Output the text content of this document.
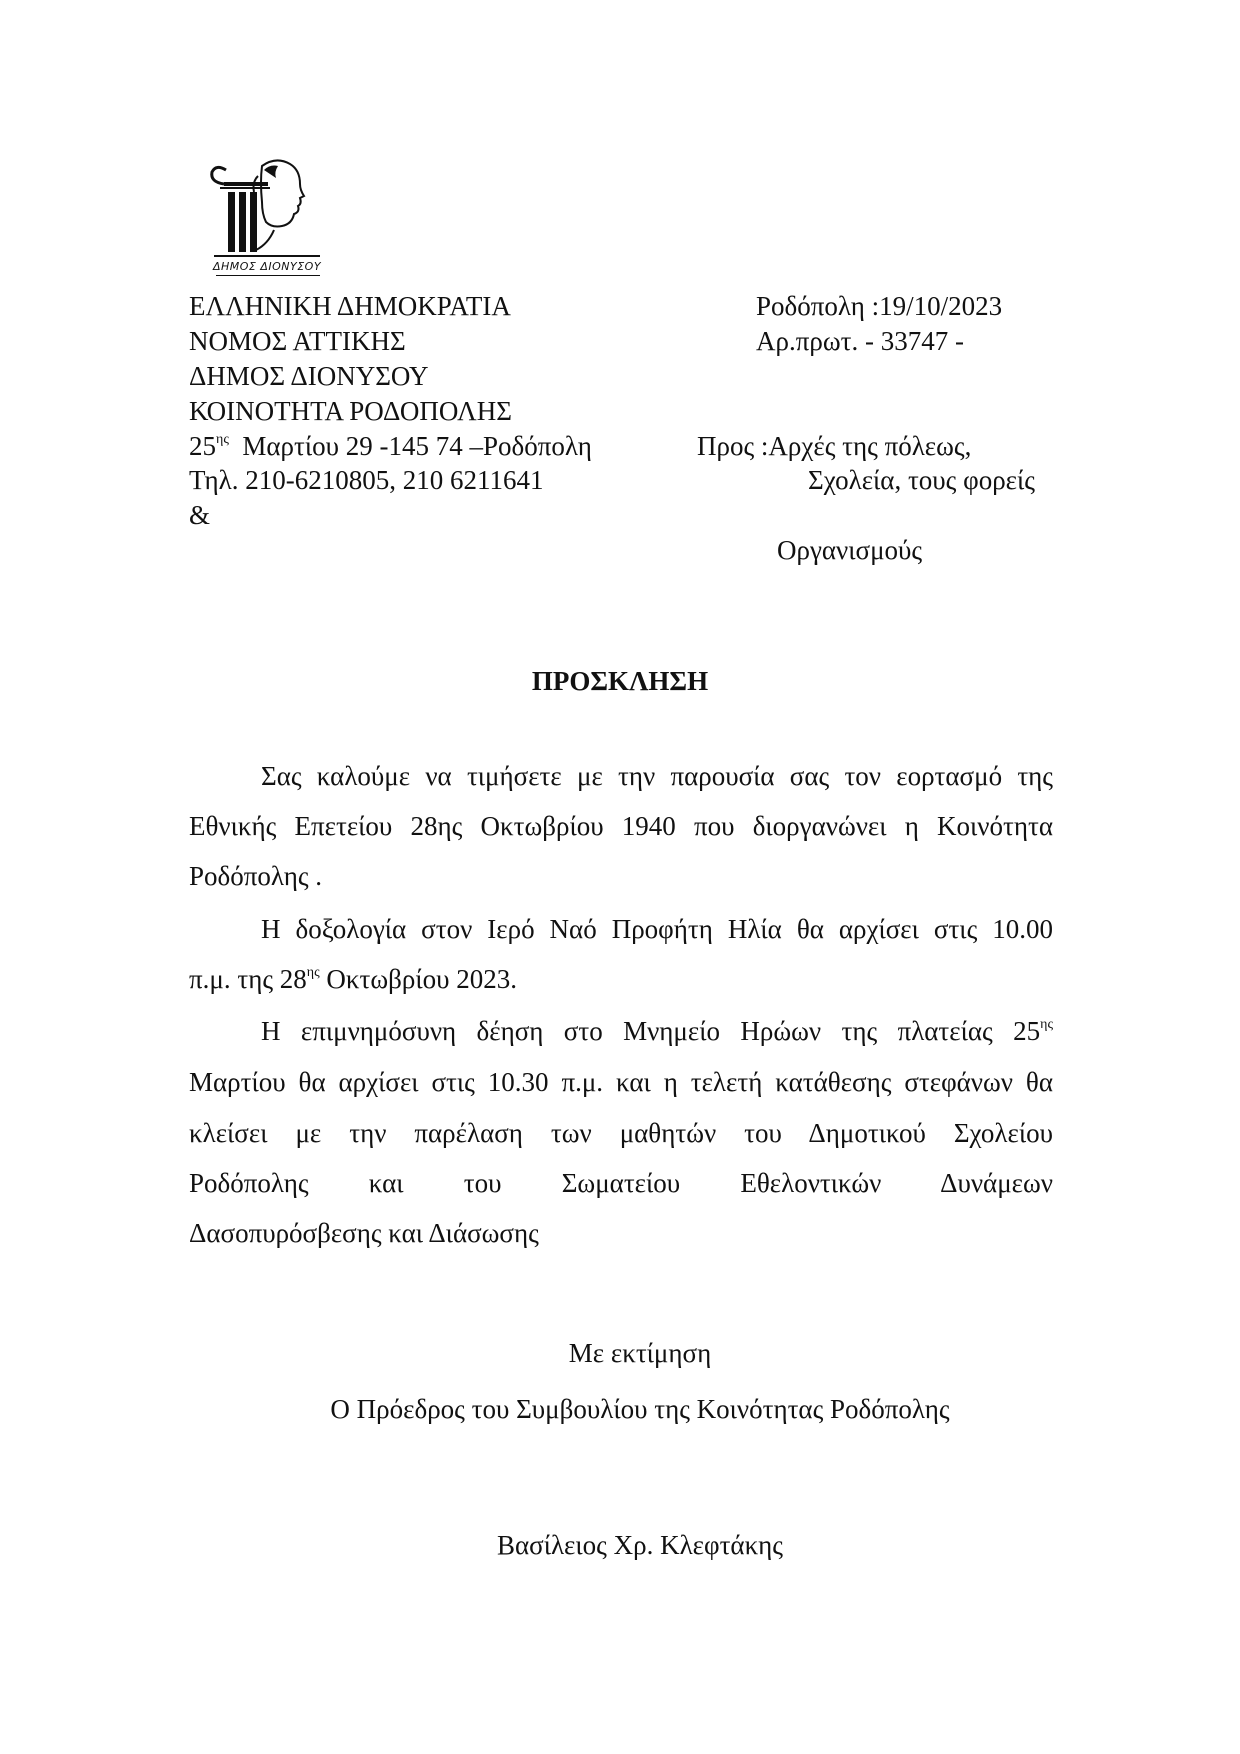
ΔΗΜΟΣ ΔΙΟΝΥΣΟΥ
ΕΛΛΗΝΙΚΗ ΔΗΜΟΚΡΑΤΙΑ
ΝΟΜΟΣ ΑΤΤΙΚΗΣ
ΔΗΜΟΣ ΔΙΟΝΥΣΟΥ
ΚΟΙΝΟΤΗΤΑ ΡΟΔΟΠΟΛΗΣ
$25^{\eta\varsigma}$ Μαρτίου 29 -145 74 –Ροδόπολη
Τηλ. 210-6210805, 210 6211641
&
Ροδόπολη :19/10/2023
Αρ.πρωτ. - 33747 -
Προς :Αρχές της πόλεως,
Σχολεία, τους φορείς
Οργανισμούς
ΠΡΟΣΚΛΗΣΗ
Σας καλούμε να τιμήσετε με την παρουσία σας τον εορτασμό της
Εθνικής Επετείου 28ης Οκτωβρίου 1940 που διοργανώνει η Κοινότητα
Ροδόπολης .
Η δοξολογία στον Ιερό Ναό Προφήτη Ηλία θα αρχίσει στις 10.00
π.μ. της $28^{\eta\varsigma}$ Οκτωβρίου 2023.
Η επιμνημόσυνη δέηση στο Μνημείο Ηρώων της πλατείας $25^{\eta\varsigma}$
Μαρτίου θα αρχίσει στις 10.30 π.μ. και η τελετή κατάθεσης στεφάνων θα
κλείσει με την παρέλαση των μαθητών του Δημοτικού Σχολείου
Ροδόπολης και του Σωματείου Εθελοντικών Δυνάμεων
Δασοπυρόσβεσης και Διάσωσης
Με εκτίμηση
Ο Πρόεδρος του Συμβουλίου της Κοινότητας Ροδόπολης
Βασίλειος Χρ. Κλεφτάκης
